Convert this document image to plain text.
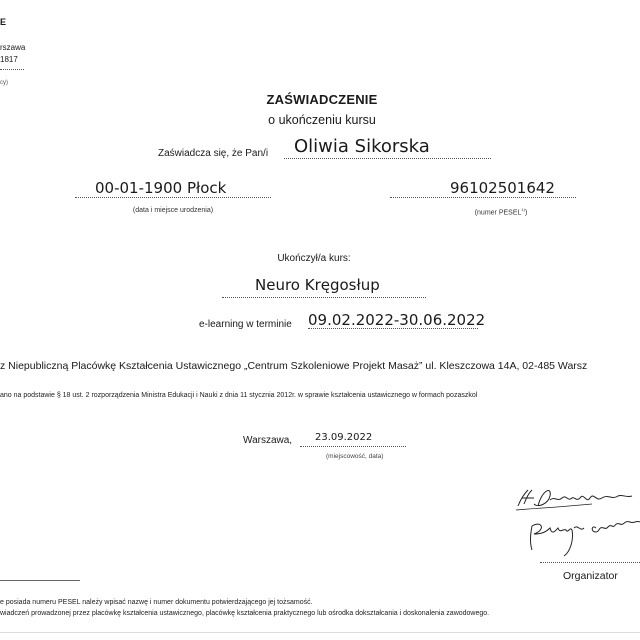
E
rszawa
1817
cy)
ZAŚWIADCZENIE
o ukończeniu kursu
Zaświadcza się, że Pan/i Oliwia Sikorska
00-01-1900 Płock
(data i miejsce urodzenia)
96102501642
(numer PESEL$^{1)}$)
Ukończył/a kurs:
Neuro Kręgosłup
e-learning w terminie 09.02.2022-30.06.2022
z Niepubliczną Placówkę Kształcenia Ustawicznego „Centrum Szkoleniowe Projekt Masaż” ul. Kleszczowa 14A, 02-485 Warsz
ano na podstawie § 18 ust. 2 rozporządzenia Ministra Edukacji i Nauki z dnia 11 stycznia 2012r. w sprawie kształcenia ustawicznego w formach pozaszkol
Warszawa, 23.09.2022
(miejscowość, data)
Organizator
e posiada numeru PESEL należy wpisać nazwę i numer dokumentu potwierdzającego jej tożsamość.
wiadczeń prowadzonej przez placówkę kształcenia ustawicznego, placówkę kształcenia praktycznego lub ośrodka dokształcania i doskonalenia zawodowego.
